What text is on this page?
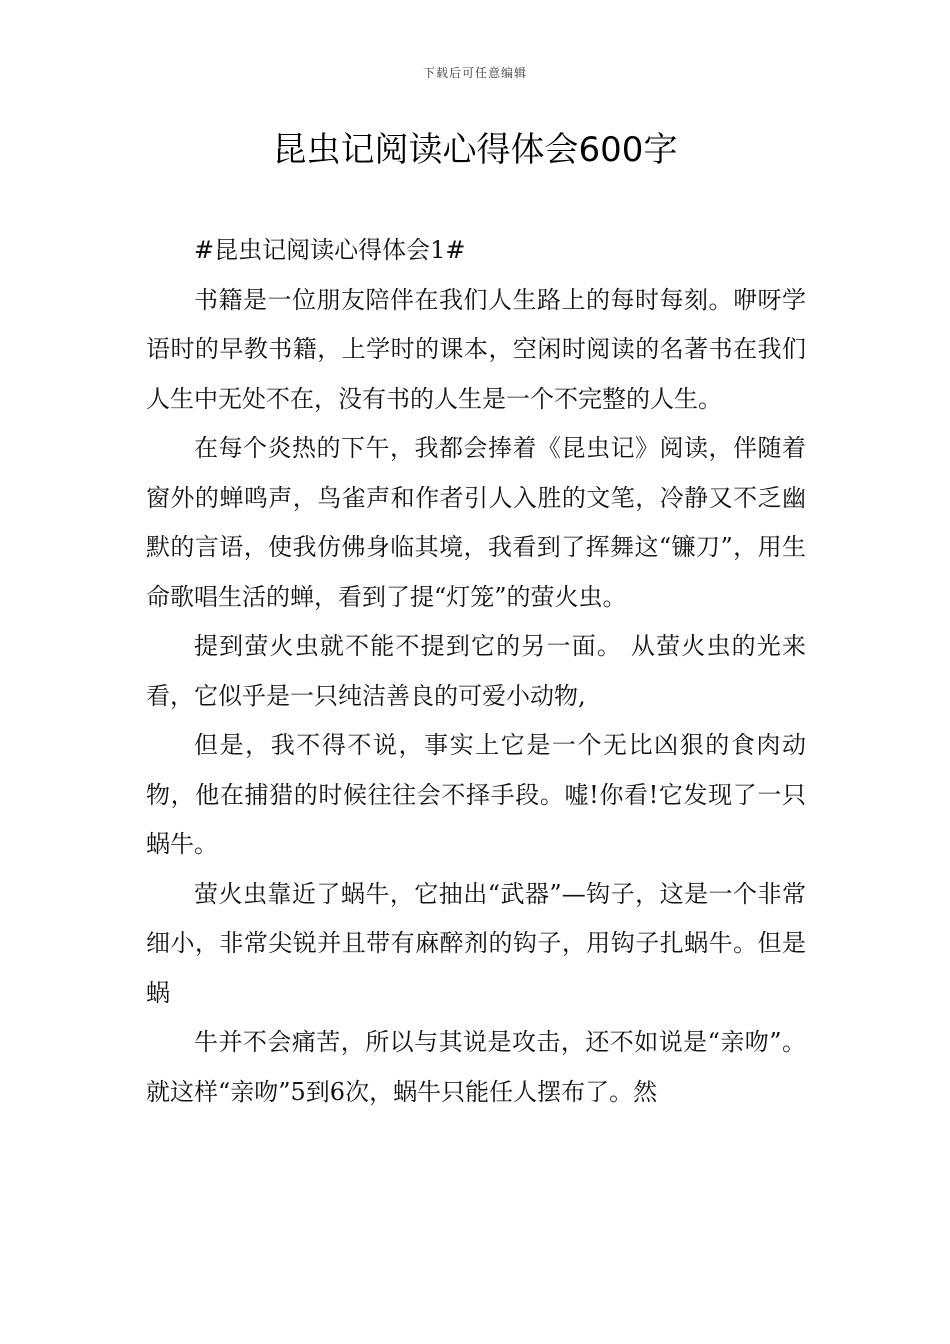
下载后可任意编辑
昆虫记阅读心得体会600字

#昆虫记阅读心得体会1#

书籍是一位朋友陪伴在我们人生路上的每时每刻。咿呀学语时的早教书籍，上学时的课本，空闲时阅读的名著书在我们人生中无处不在，没有书的人生是一个不完整的人生。

在每个炎热的下午，我都会捧着《昆虫记》阅读，伴随着窗外的蝉鸣声，鸟雀声和作者引人入胜的文笔，冷静又不乏幽默的言语，使我仿佛身临其境，我看到了挥舞这“镰刀”，用生命歌唱生活的蝉，看到了提“灯笼”的萤火虫。

提到萤火虫就不能不提到它的另一面。 从萤火虫的光来看，它似乎是一只纯洁善良的可爱小动物,

但是，我不得不说，事实上它是一个无比凶狠的食肉动物，他在捕猎的时候往往会不择手段。嘘!你看!它发现了一只蜗牛。

萤火虫靠近了蜗牛，它抽出“武器”—钩子，这是一个非常细小，非常尖锐并且带有麻醉剂的钩子，用钩子扎蜗牛。但是蜗

牛并不会痛苦，所以与其说是攻击，还不如说是“亲吻”。就这样“亲吻”5到6次，蜗牛只能任人摆布了。然
